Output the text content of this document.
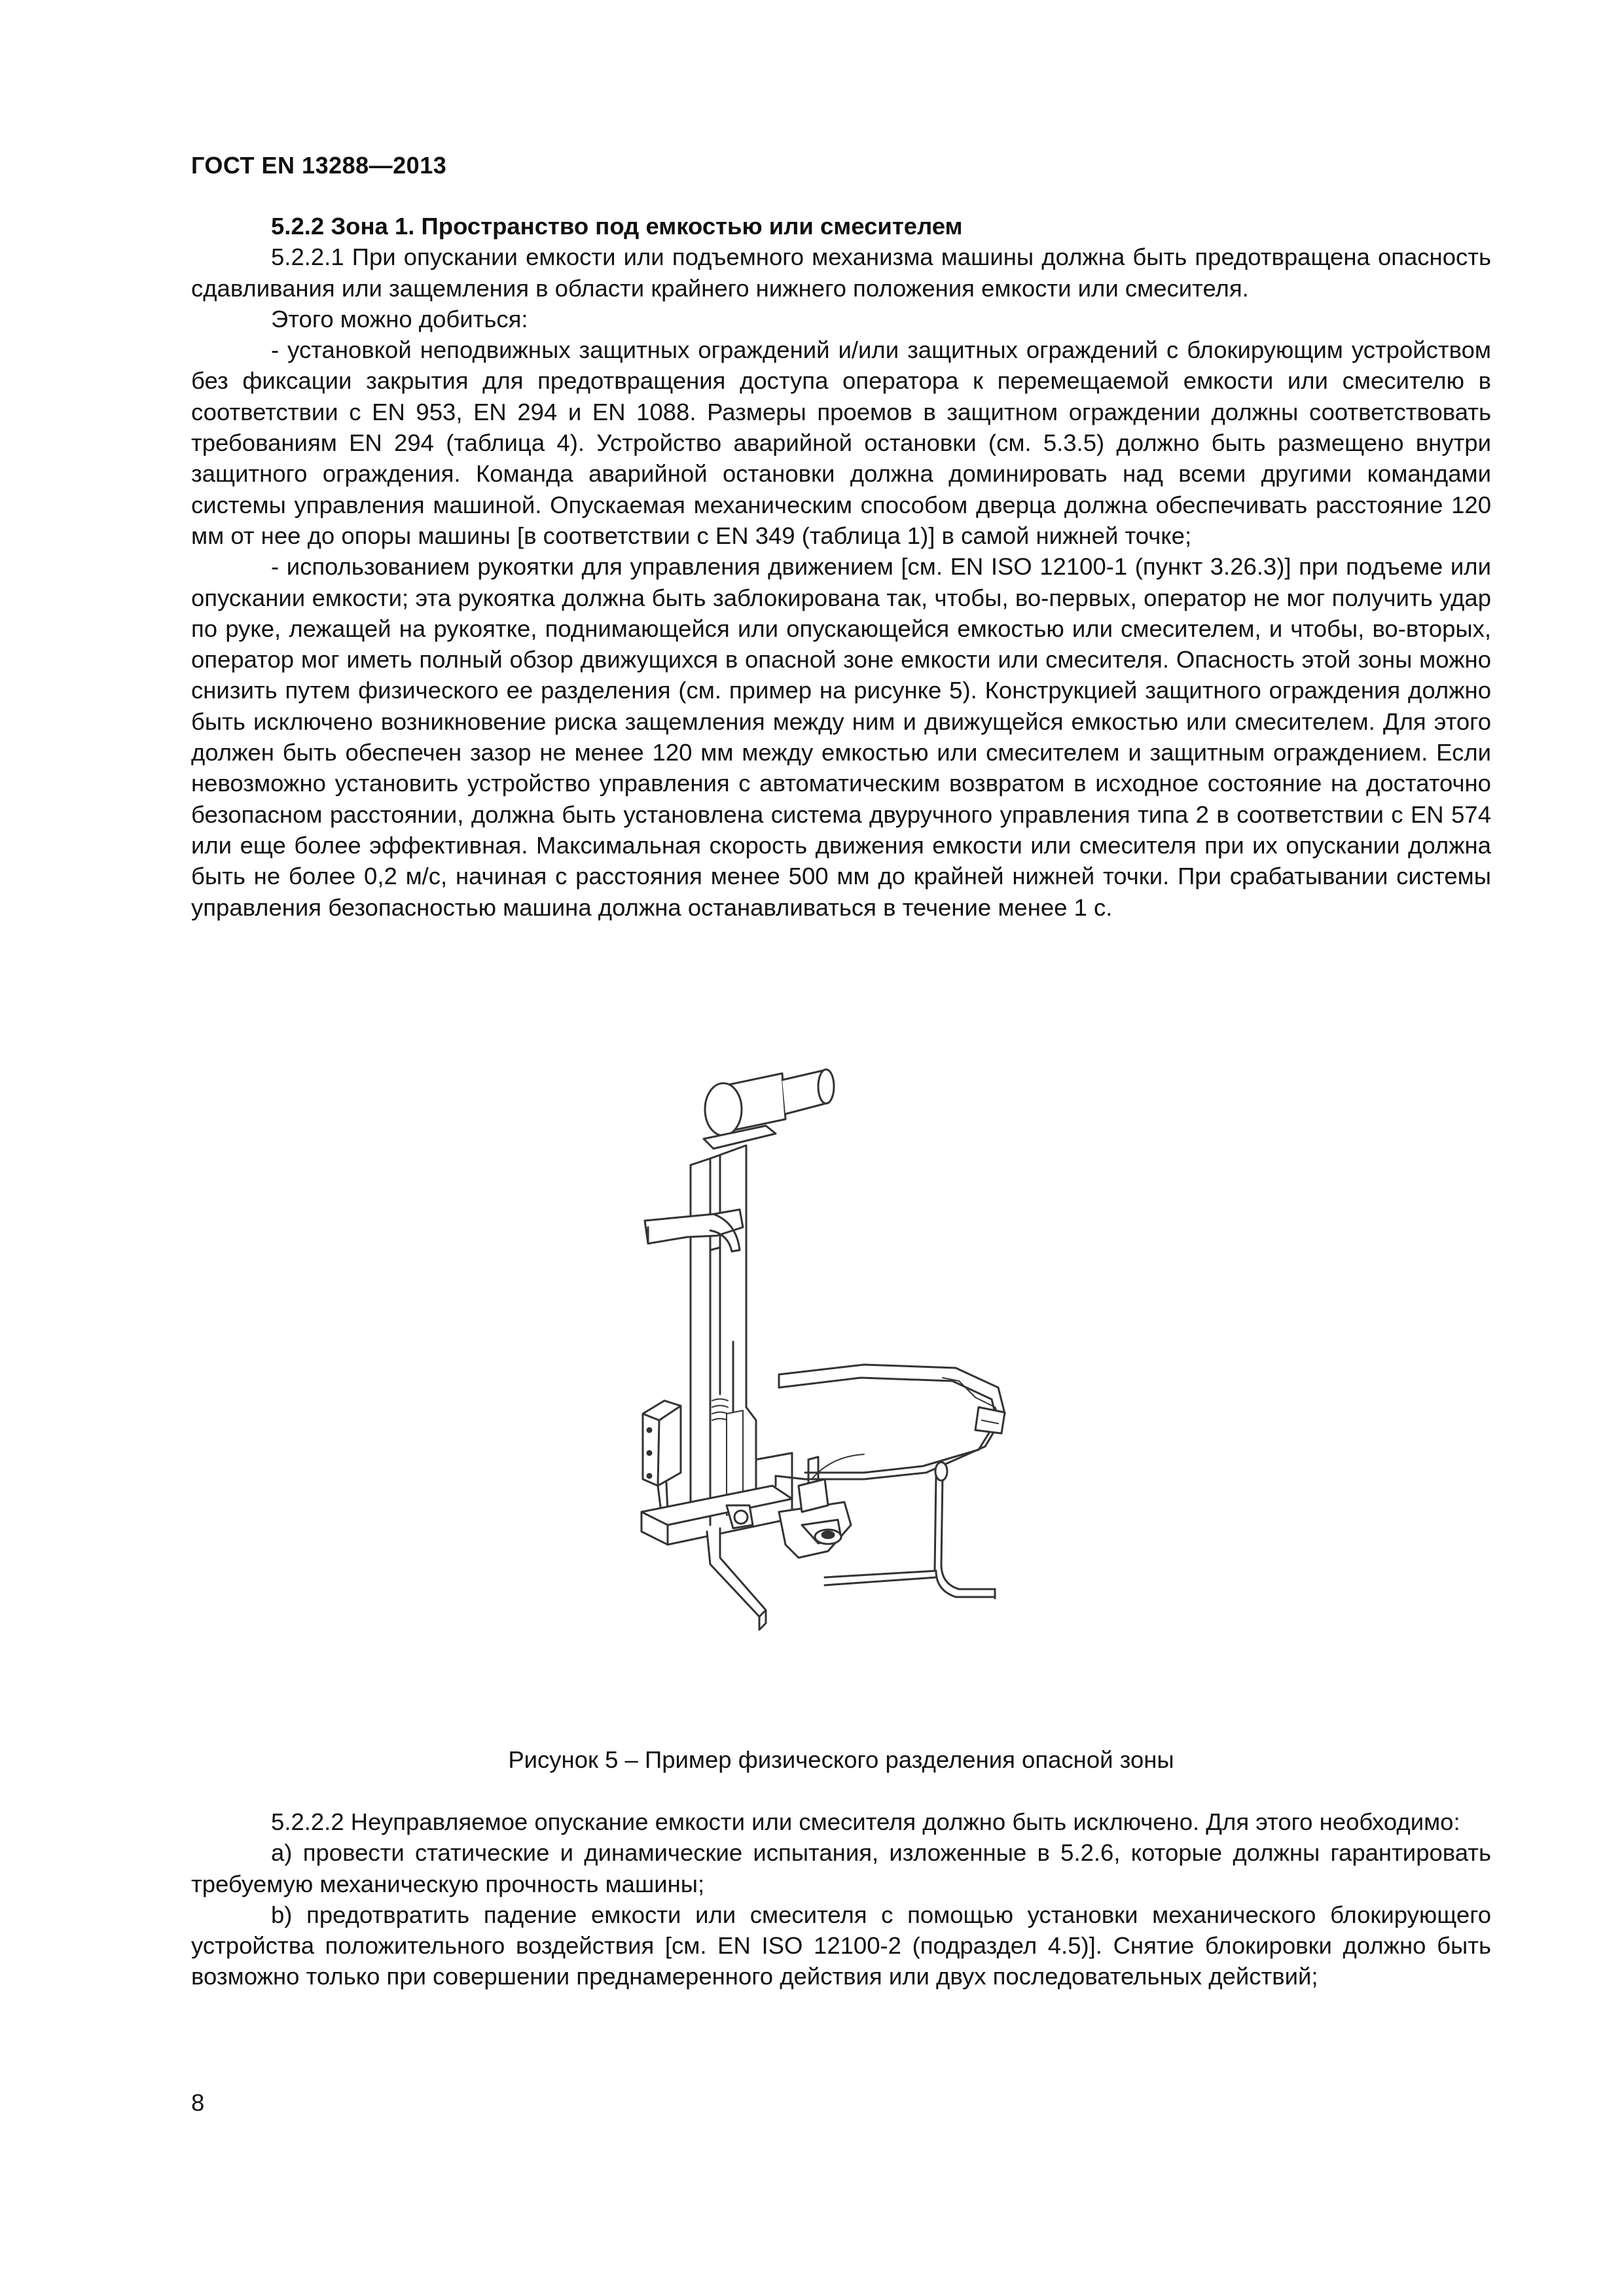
ГОСТ EN 13288—2013

5.2.2 Зона 1. Пространство под емкостью или смесителем

5.2.2.1 При опускании емкости или подъемного механизма машины должна быть предотвращена опасность сдавливания или защемления в области крайнего нижнего положения емкости или смесителя.

Этого можно добиться:

- установкой неподвижных защитных ограждений и/или защитных ограждений с блокирующим устройством без фиксации закрытия для предотвращения доступа оператора к перемещаемой емкости или смесителю в соответствии с EN 953, EN 294 и EN 1088. Размеры проемов в защитном ограждении должны соответствовать требованиям EN 294 (таблица 4). Устройство аварийной остановки (см. 5.3.5) должно быть размещено внутри защитного ограждения. Команда аварийной остановки должна доминировать над всеми другими командами системы управления машиной. Опускаемая механическим способом дверца должна обеспечивать расстояние 120 мм от нее до опоры машины [в соответствии с EN 349 (таблица 1)] в самой нижней точке;

- использованием рукоятки для управления движением [см. EN ISO 12100-1 (пункт 3.26.3)] при подъеме или опускании емкости; эта рукоятка должна быть заблокирована так, чтобы, во-первых, оператор не мог получить удар по руке, лежащей на рукоятке, поднимающейся или опускающейся емкостью или смесителем, и чтобы, во-вторых, оператор мог иметь полный обзор движущихся в опасной зоне емкости или смесителя. Опасность этой зоны можно снизить путем физического ее разделения (см. пример на рисунке 5). Конструкцией защитного ограждения должно быть исключено возникновение риска защемления между ним и движущейся емкостью или смесителем. Для этого должен быть обеспечен зазор не менее 120 мм между емкостью или смесителем и защитным ограждением. Если невозможно установить устройство управления с автоматическим возвратом в исходное состояние на достаточно безопасном расстоянии, должна быть установлена система двуручного управления типа 2 в соответствии с EN 574 или еще более эффективная. Максимальная скорость движения емкости или смесителя при их опускании должна быть не более 0,2 м/с, начиная с расстояния менее 500 мм до крайней нижней точки. При срабатывании системы управления безопасностью машина должна останавливаться в течение менее 1 с.

Рисунок 5 – Пример физического разделения опасной зоны

5.2.2.2 Неуправляемое опускание емкости или смесителя должно быть исключено. Для этого необходимо:

a) провести статические и динамические испытания, изложенные в 5.2.6, которые должны гарантировать требуемую механическую прочность машины;

b) предотвратить падение емкости или смесителя с помощью установки механического блокирующего устройства положительного воздействия [см. EN ISO 12100-2 (подраздел 4.5)]. Снятие блокировки должно быть возможно только при совершении преднамеренного действия или двух последовательных действий;

8
